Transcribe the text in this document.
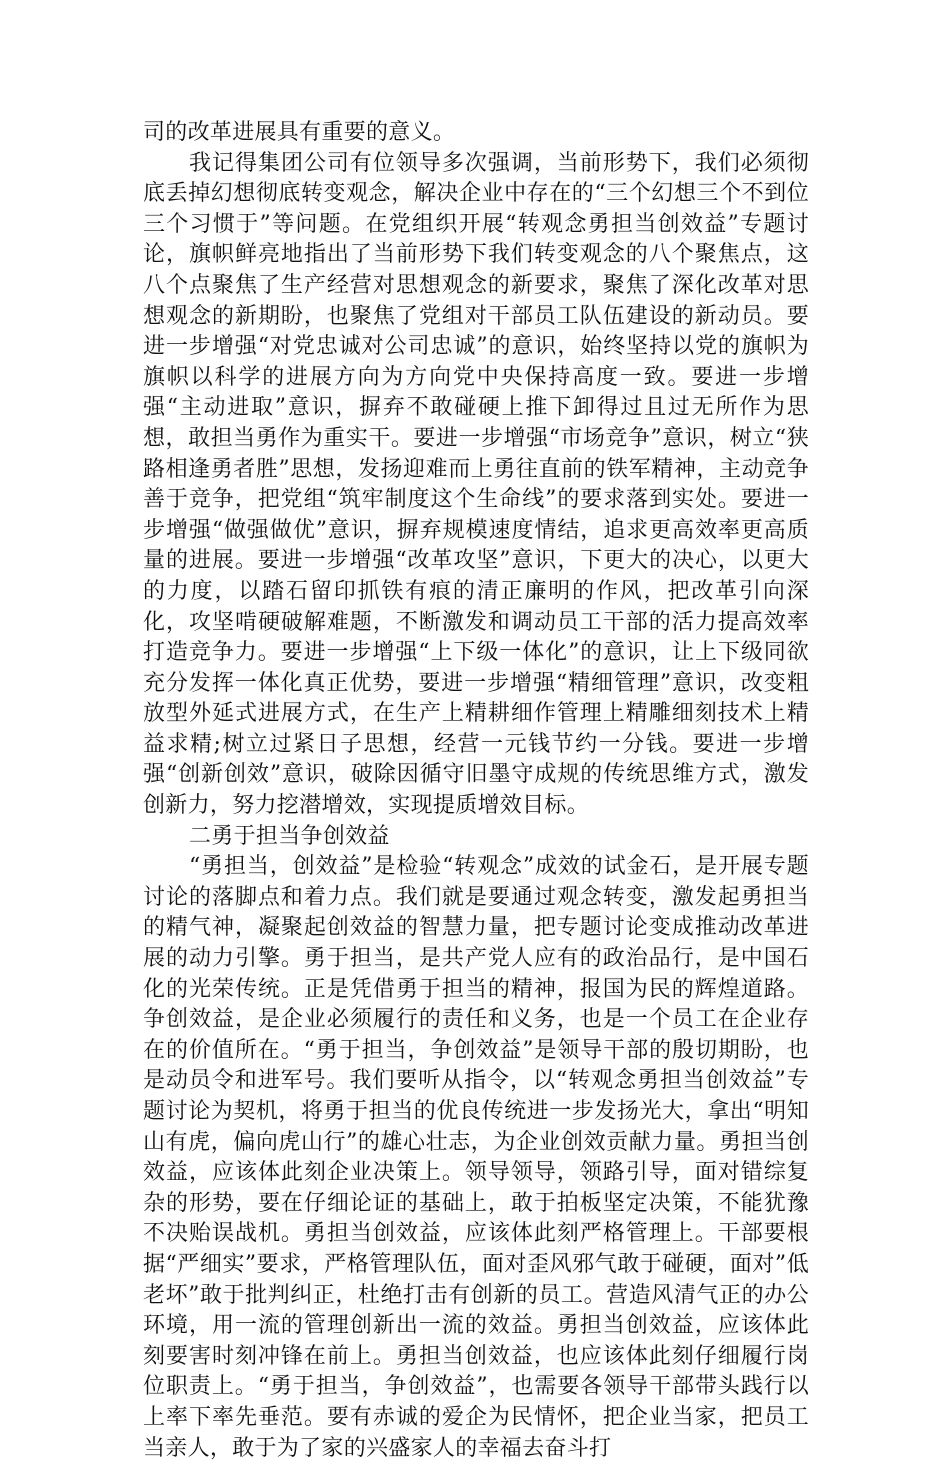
司的改革进展具有重要的意义。

我记得集团公司有位领导多次强调，当前形势下，我们必须彻底丢掉幻想彻底转变观念，解决企业中存在的“三个幻想三个不到位三个习惯于”等问题。在党组织开展“转观念勇担当创效益”专题讨论，旗帜鲜亮地指出了当前形势下我们转变观念的八个聚焦点，这八个点聚焦了生产经营对思想观念的新要求，聚焦了深化改革对思想观念的新期盼，也聚焦了党组对干部员工队伍建设的新动员。要进一步增强“对党忠诚对公司忠诚”的意识，始终坚持以党的旗帜为旗帜以科学的进展方向为方向党中央保持高度一致。要进一步增强“主动进取”意识，摒弃不敢碰硬上推下卸得过且过无所作为思想，敢担当勇作为重实干。要进一步增强“市场竞争”意识，树立“狭路相逢勇者胜”思想，发扬迎难而上勇往直前的铁军精神，主动竞争善于竞争，把党组“筑牢制度这个生命线”的要求落到实处。要进一步增强“做强做优”意识，摒弃规模速度情结，追求更高效率更高质量的进展。要进一步增强“改革攻坚”意识，下更大的决心，以更大的力度，以踏石留印抓铁有痕的清正廉明的作风，把改革引向深化，攻坚啃硬破解难题，不断激发和调动员工干部的活力提高效率打造竞争力。要进一步增强“上下级一体化”的意识，让上下级同欲充分发挥一体化真正优势，要进一步增强“精细管理”意识，改变粗放型外延式进展方式，在生产上精耕细作管理上精雕细刻技术上精益求精;树立过紧日子思想，经营一元钱节约一分钱。要进一步增强“创新创效”意识，破除因循守旧墨守成规的传统思维方式，激发创新力，努力挖潜增效，实现提质增效目标。

二勇于担当争创效益

“勇担当，创效益”是检验“转观念”成效的试金石，是开展专题讨论的落脚点和着力点。我们就是要通过观念转变，激发起勇担当的精气神，凝聚起创效益的智慧力量，把专题讨论变成推动改革进展的动力引擎。勇于担当，是共产党人应有的政治品行，是中国石化的光荣传统。正是凭借勇于担当的精神，报国为民的辉煌道路。争创效益，是企业必须履行的责任和义务，也是一个员工在企业存在的价值所在。“勇于担当，争创效益”是领导干部的殷切期盼，也是动员令和进军号。我们要听从指令，以“转观念勇担当创效益”专题讨论为契机，将勇于担当的优良传统进一步发扬光大，拿出“明知山有虎，偏向虎山行”的雄心壮志，为企业创效贡献力量。勇担当创效益，应该体此刻企业决策上。领导领导，领路引导，面对错综复杂的形势，要在仔细论证的基础上，敢于拍板坚定决策，不能犹豫不决贻误战机。勇担当创效益，应该体此刻严格管理上。干部要根据“严细实”要求，严格管理队伍，面对歪风邪气敢于碰硬，面对”低老坏”敢于批判纠正，杜绝打击有创新的员工。营造风清气正的办公环境，用一流的管理创新出一流的效益。勇担当创效益，应该体此刻要害时刻冲锋在前上。勇担当创效益，也应该体此刻仔细履行岗位职责上。“勇于担当，争创效益”，也需要各领导干部带头践行以上率下率先垂范。要有赤诚的爱企为民情怀，把企业当家，把员工当亲人，敢于为了家的兴盛家人的幸福去奋斗打
